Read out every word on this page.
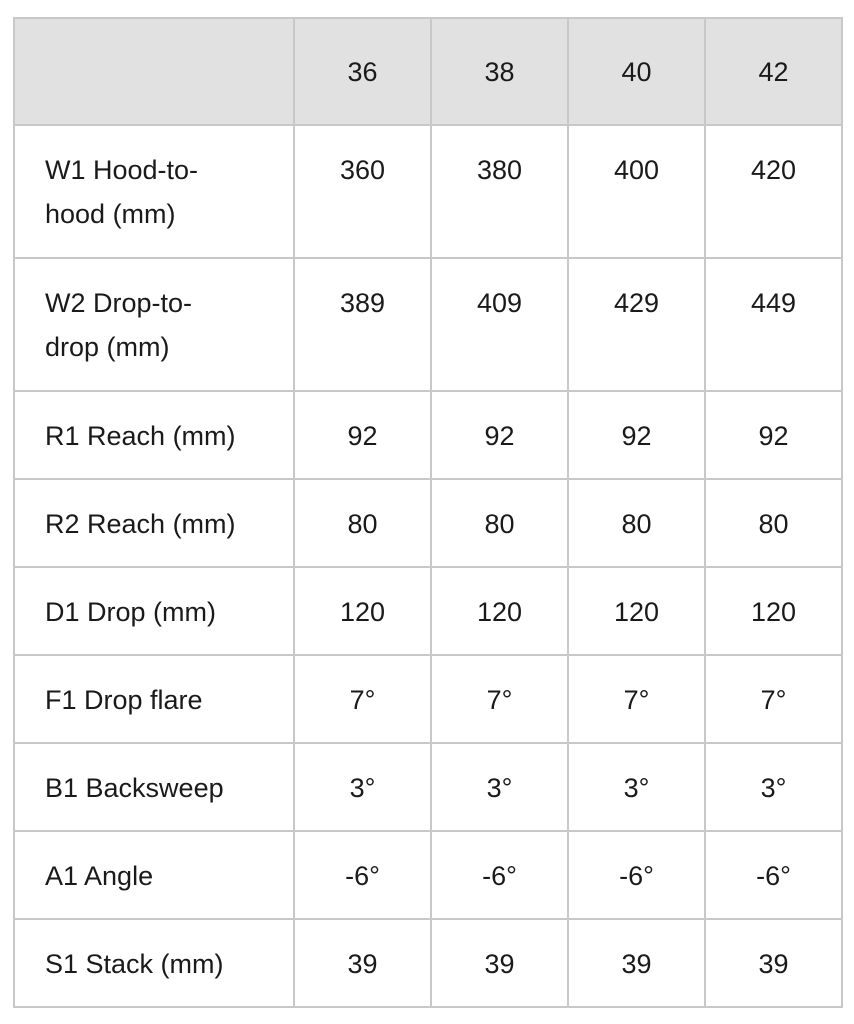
	36	38	40	42
W1 Hood-to-hood (mm)	360	380	400	420
W2 Drop-to-drop (mm)	389	409	429	449
R1 Reach (mm)	92	92	92	92
R2 Reach (mm)	80	80	80	80
D1 Drop (mm)	120	120	120	120
F1 Drop flare	7°	7°	7°	7°
B1 Backsweep	3°	3°	3°	3°
A1 Angle	-6°	-6°	-6°	-6°
S1 Stack (mm)	39	39	39	39
